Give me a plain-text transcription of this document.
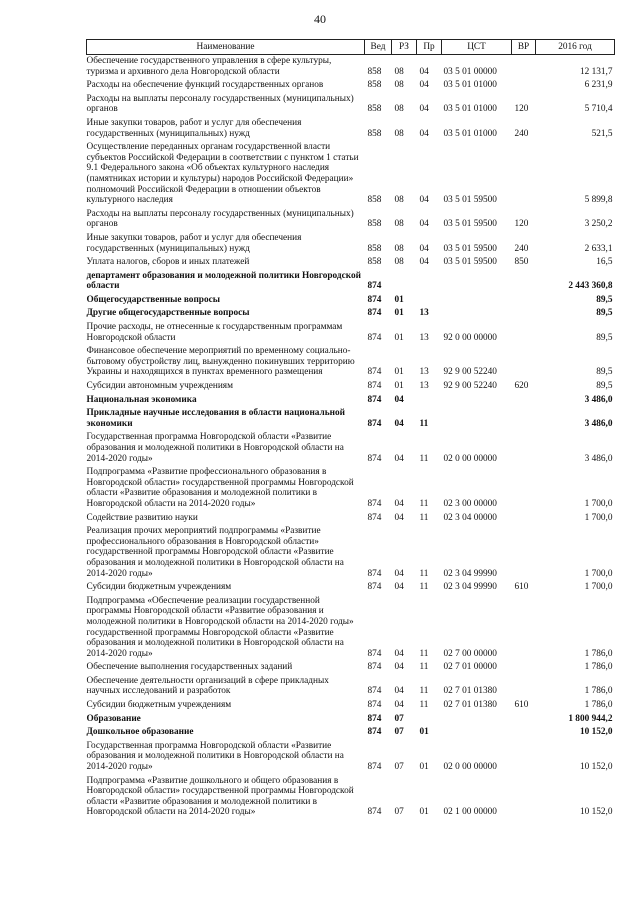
40
Наименование	Вед	РЗ	Пр	ЦСТ	ВР	2016 год
Обеспечение государственного управления в сфере культуры, туризма и архивного дела Новгородской области	858	08	04	03 5 01 00000		12 131,7
Расходы на обеспечение функций государственных органов	858	08	04	03 5 01 01000		6 231,9
Расходы на выплаты персоналу государственных (муниципальных) органов	858	08	04	03 5 01 01000	120	5 710,4
Иные закупки товаров, работ и услуг для обеспечения государственных (муниципальных) нужд	858	08	04	03 5 01 01000	240	521,5
Осуществление переданных органам государственной власти субъектов Российской Федерации в соответствии с пунктом 1 статьи 9.1 Федерального закона «Об объектах культурного наследия (памятниках истории и культуры) народов Российской Федерации» полномочий Российской Федерации в отношении объектов культурного наследия	858	08	04	03 5 01 59500		5 899,8
Расходы на выплаты персоналу государственных (муниципальных) органов	858	08	04	03 5 01 59500	120	3 250,2
Иные закупки товаров, работ и услуг для обеспечения государственных (муниципальных) нужд	858	08	04	03 5 01 59500	240	2 633,1
Уплата налогов, сборов и иных платежей	858	08	04	03 5 01 59500	850	16,5
департамент образования и молодежной политики Новгородской области	874					2 443 360,8
Общегосударственные вопросы	874	01				89,5
Другие общегосударственные вопросы	874	01	13			89,5
Прочие расходы, не отнесенные к государственным программам Новгородской области	874	01	13	92 0 00 00000		89,5
Финансовое обеспечение мероприятий по временному социально-бытовому обустройству лиц, вынужденно покинувших территорию Украины и находящихся в пунктах временного размещения	874	01	13	92 9 00 52240		89,5
Субсидии автономным учреждениям	874	01	13	92 9 00 52240	620	89,5
Национальная экономика	874	04				3 486,0
Прикладные научные исследования в области национальной экономики	874	04	11			3 486,0
Государственная программа Новгородской области «Развитие образования и молодежной политики в Новгородской области на 2014-2020 годы»	874	04	11	02 0 00 00000		3 486,0
Подпрограмма «Развитие профессионального образования в Новгородской области» государственной программы Новгородской области «Развитие образования и молодежной политики в Новгородской области на 2014-2020 годы»	874	04	11	02 3 00 00000		1 700,0
Содействие развитию науки	874	04	11	02 3 04 00000		1 700,0
Реализация прочих мероприятий подпрограммы «Развитие профессионального образования в Новгородской области» государственной программы Новгородской области «Развитие образования и молодежной политики в Новгородской области на 2014-2020 годы»	874	04	11	02 3 04 99990		1 700,0
Субсидии бюджетным учреждениям	874	04	11	02 3 04 99990	610	1 700,0
Подпрограмма «Обеспечение реализации государственной программы Новгородской области «Развитие образования и молодежной политики в Новгородской области на 2014-2020 годы» государственной программы Новгородской области «Развитие образования и молодежной политики в Новгородской области на 2014-2020 годы»	874	04	11	02 7 00 00000		1 786,0
Обеспечение выполнения государственных заданий	874	04	11	02 7 01 00000		1 786,0
Обеспечение деятельности организаций в сфере прикладных научных исследований и разработок	874	04	11	02 7 01 01380		1 786,0
Субсидии бюджетным учреждениям	874	04	11	02 7 01 01380	610	1 786,0
Образование	874	07				1 800 944,2
Дошкольное образование	874	07	01			10 152,0
Государственная программа Новгородской области «Развитие образования и молодежной политики в Новгородской области на 2014-2020 годы»	874	07	01	02 0 00 00000		10 152,0
Подпрограмма «Развитие дошкольного и общего образования в Новгородской области» государственной программы Новгородской области «Развитие образования и молодежной политики в Новгородской области на 2014-2020 годы»	874	07	01	02 1 00 00000		10 152,0
